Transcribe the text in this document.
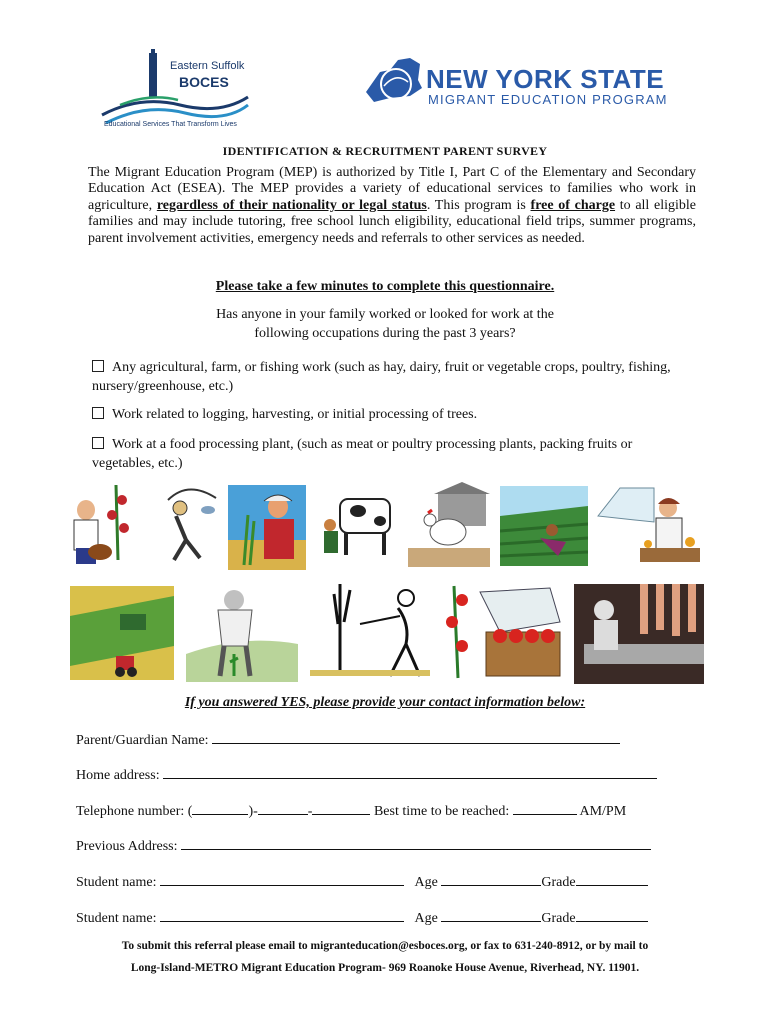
Eastern Suffolk
BOCES
Educational Services That Transform Lives
NEW YORK STATE
MIGRANT EDUCATION PROGRAM
IDENTIFICATION & RECRUITMENT PARENT SURVEY
The Migrant Education Program (MEP) is authorized by Title I, Part C of the Elementary and Secondary Education Act (ESEA). The MEP provides a variety of educational services to families who work in agriculture, regardless of their nationality or legal status. This program is free of charge to all eligible families and may include tutoring, free school lunch eligibility, educational field trips, summer programs, parent involvement activities, emergency needs and referrals to other services as needed.
Please take a few minutes to complete this questionnaire.
Has anyone in your family worked or looked for work at the
following occupations during the past 3 years?
Any agricultural, farm, or fishing work (such as hay, dairy, fruit or vegetable crops, poultry, fishing, nursery/greenhouse, etc.)
Work related to logging, harvesting, or initial processing of trees.
Work at a food processing plant, (such as meat or poultry processing plants, packing fruits or vegetables, etc.)
If you answered YES, please provide your contact information below:
Parent/Guardian Name:
Home address:
Telephone number: (	)-	-	Best time to be reached:	AM/PM
Previous Address:
Student name:	Age	Grade
Student name:	Age	Grade
To submit this referral please email to migranteducation@esboces.org, or fax to 631-240-8912, or by mail to
Long-Island-METRO Migrant Education Program- 969 Roanoke House Avenue, Riverhead, NY. 11901.
